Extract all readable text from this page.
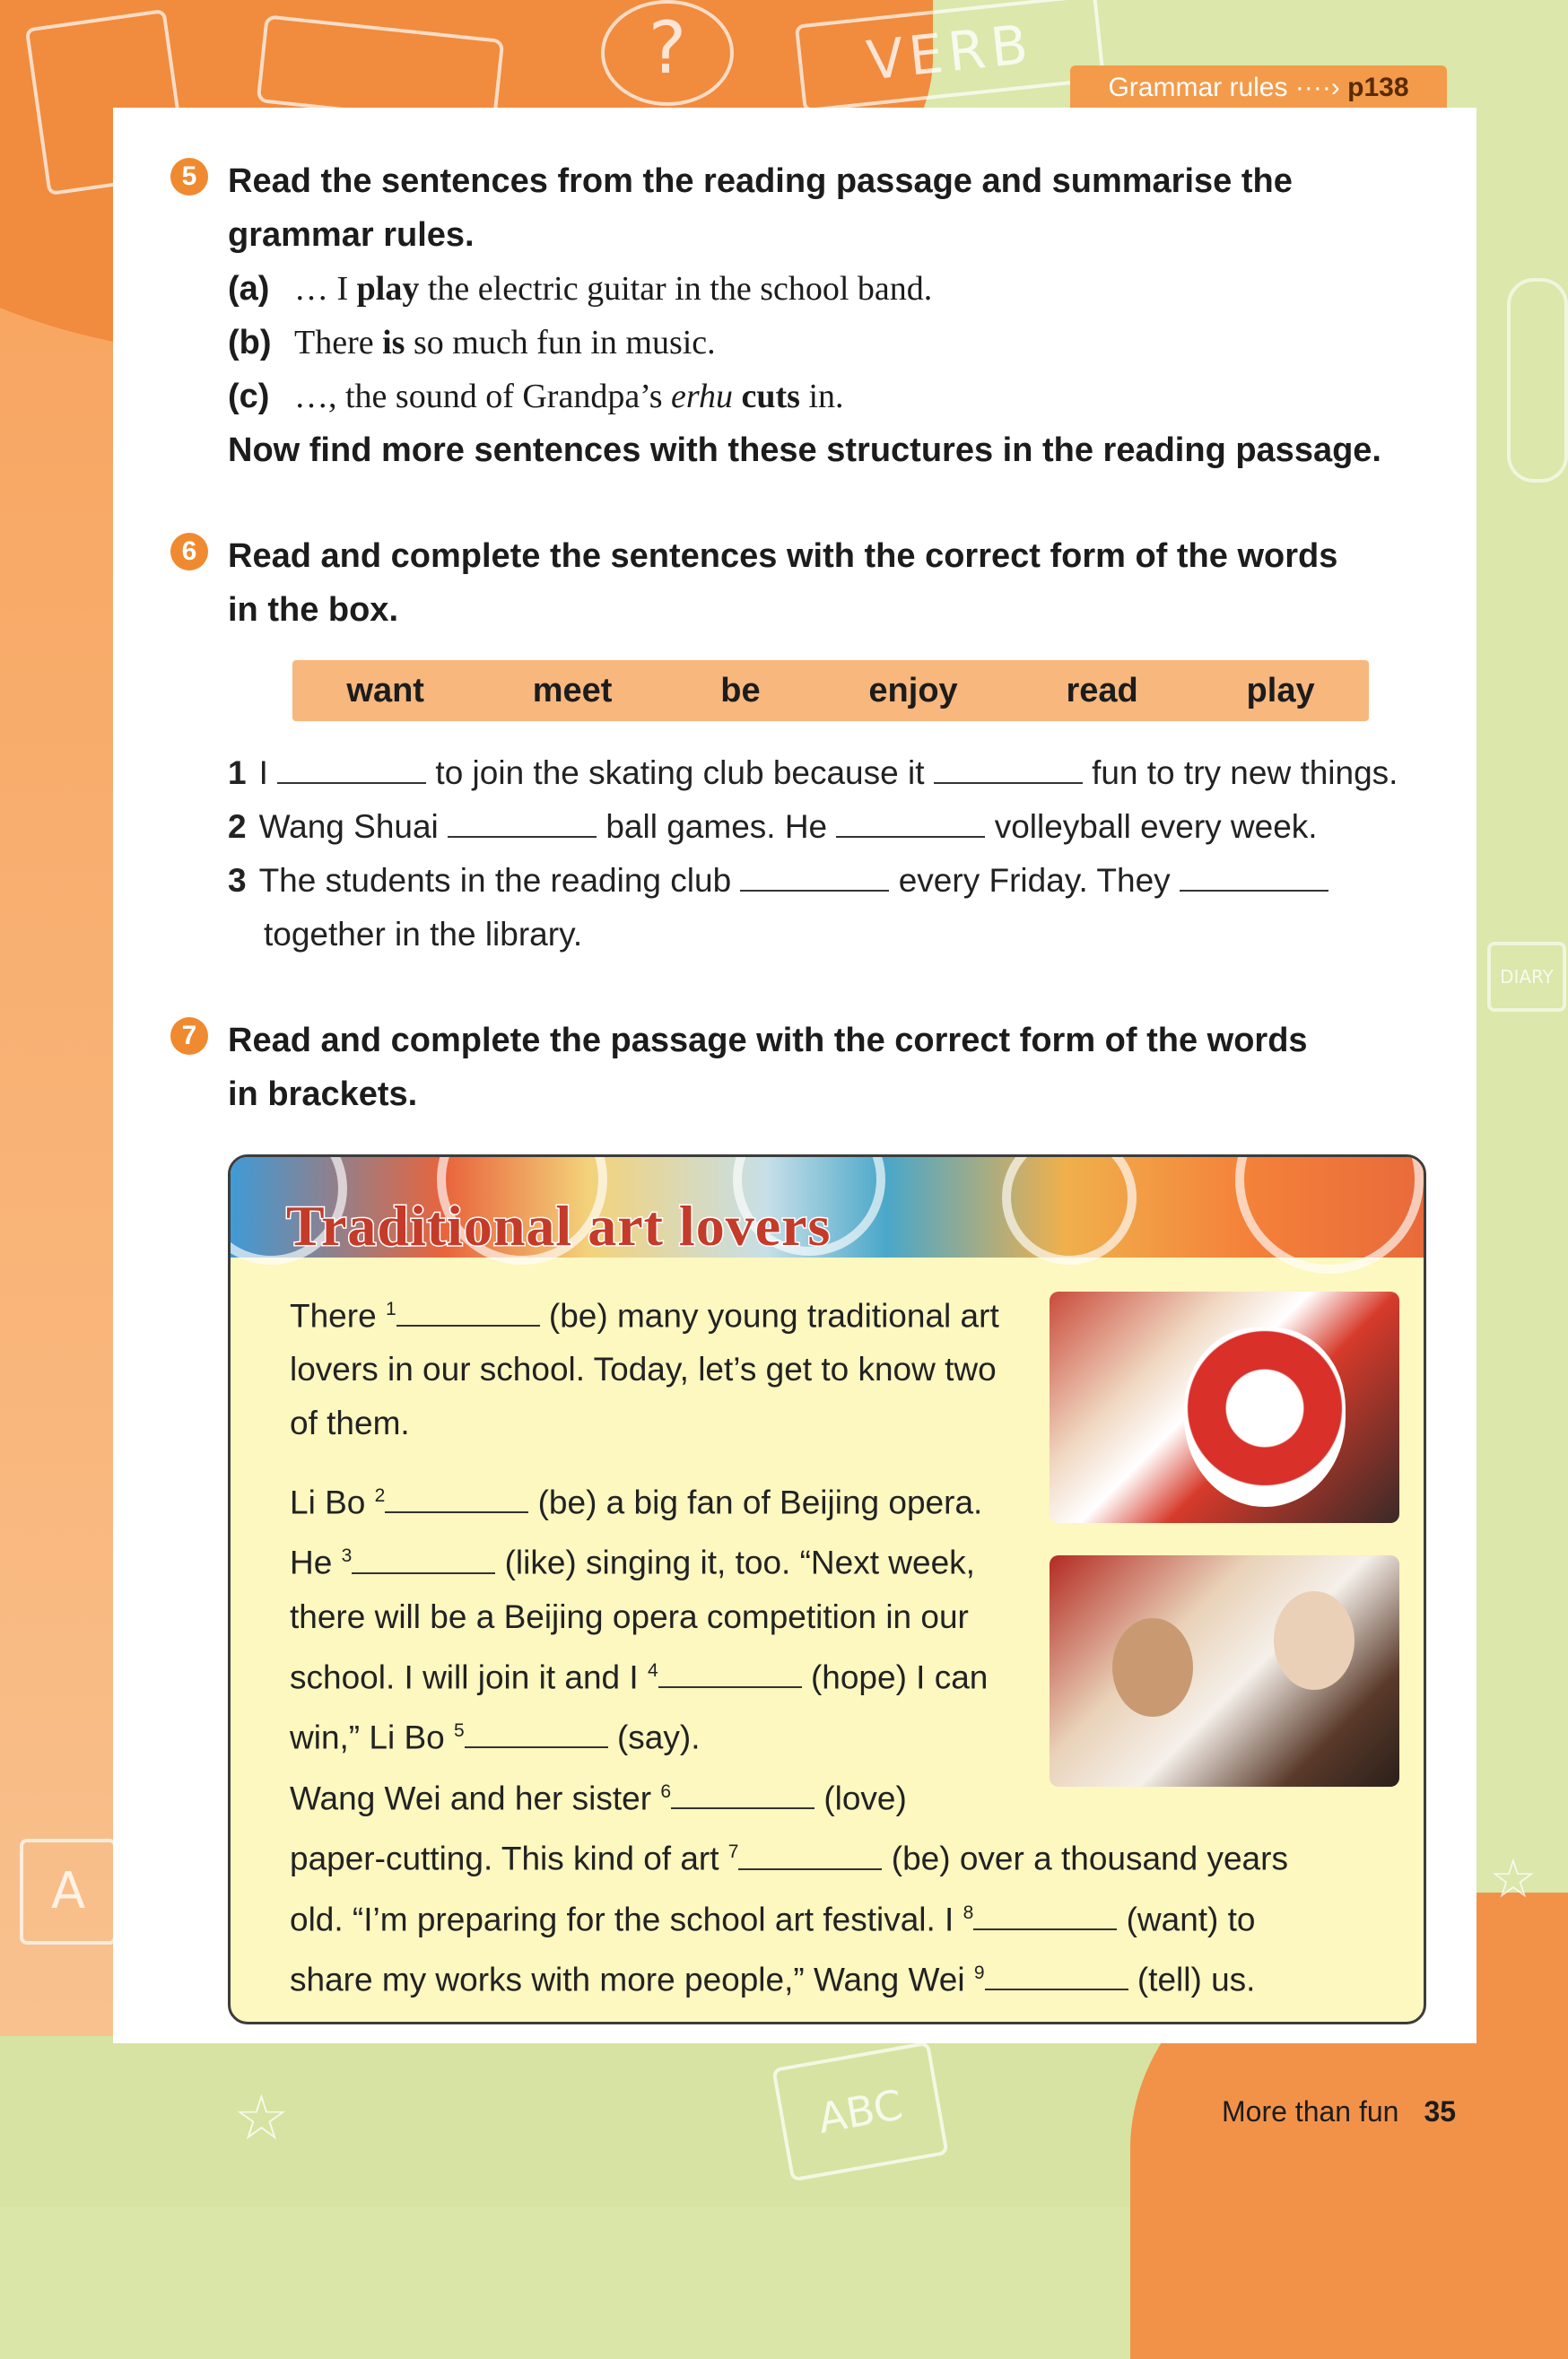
?	VERB
DIARY
A
☆	ABC
☆
Grammar rules ····› p138
5 Read the sentences from the reading passage and summarise the
grammar rules.
(a) … I play the electric guitar in the school band.
(b) There is so much fun in music.
(c) …, the sound of Grandpa’s erhu cuts in.
Now find more sentences with these structures in the reading passage.
6 Read and complete the sentences with the correct form of the words
in the box.
want	meet	be	enjoy	read	play
1 I	to join the skating club because it	fun to try new things.
2 Wang Shuai	ball games. He	volleyball every week.
3 The students in the reading club	every Friday. They
together in the library.
7 Read and complete the passage with the correct form of the words
in brackets.
Traditional art lovers
There $^1$	(be) many young traditional art
lovers in our school. Today, let’s get to know two
of them.
Li Bo $^2$	(be) a big fan of Beijing opera.
He $^3$	(like) singing it, too. “Next week,
there will be a Beijing opera competition in our
school. I will join it and I $^4$	(hope) I can
win,” Li Bo $^5$	(say).
Wang Wei and her sister $^6$	(love)
paper-cutting. This kind of art $^7$	(be) over a thousand years
old. “I’m preparing for the school art festival. I $^8$	(want) to
share my works with more people,” Wang Wei $^9$	(tell) us.
More than fun 35
